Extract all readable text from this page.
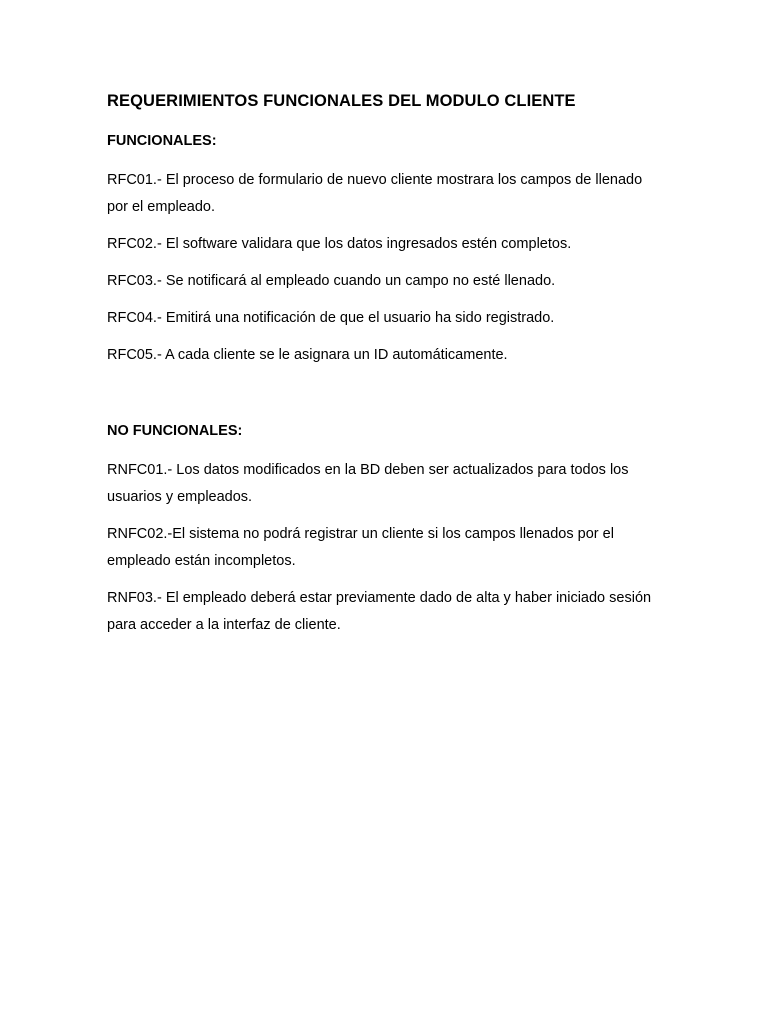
REQUERIMIENTOS FUNCIONALES DEL MODULO CLIENTE
FUNCIONALES:

RFC01.- El proceso de formulario de nuevo cliente mostrara los campos de llenado por el empleado.

RFC02.- El software validara que los datos ingresados estén completos.

RFC03.- Se notificará al empleado cuando un campo no esté llenado.

RFC04.- Emitirá una notificación de que el usuario ha sido registrado.

RFC05.- A cada cliente se le asignara un ID automáticamente.

NO FUNCIONALES:

RNFC01.- Los datos modificados en la BD deben ser actualizados para todos los usuarios y empleados.

RNFC02.-El sistema no podrá registrar un cliente si los campos llenados por el empleado están incompletos.

RNF03.- El empleado deberá estar previamente dado de alta y haber iniciado sesión para acceder a la interfaz de cliente.
